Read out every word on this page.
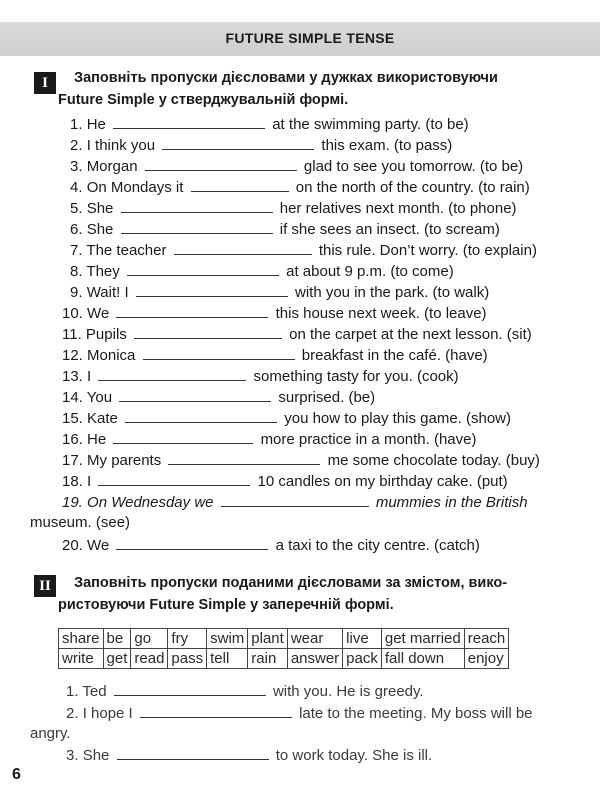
FUTURE SIMPLE TENSE
I	Заповніть пропуски дієсловами у дужках використовуючи
Future Simple у стверджувальній формі.
1. He	at the swimming party. (to be)
2. I think you	this exam. (to pass)
3. Morgan	glad to see you tomorrow. (to be)
4. On Mondays it	on the north of the country. (to rain)
5. She	her relatives next month. (to phone)
6. She	if she sees an insect. (to scream)
7. The teacher	this rule. Don’t worry. (to explain)
8. They	at about 9 p.m. (to come)
9. Wait! I	with you in the park. (to walk)
10. We	this house next week. (to leave)
11. Pupils	on the carpet at the next lesson. (sit)
12. Monica	breakfast in the café. (have)
13. I	something tasty for you. (cook)
14. You	surprised. (be)
15. Kate	you how to play this game. (show)
16. He	more practice in a month. (have)
17. My parents	me some chocolate today. (buy)
18. I	10 candles on my birthday cake. (put)
19. On Wednesday we	mummies in the British
museum. (see)
20. We	a taxi to the city centre. (catch)
II	Заповніть пропуски поданими дієсловами за змістом, вико-
ристовуючи Future Simple у заперечній формі.
share	be	go	fry	swim	plant	wear	live	get married	reach
write	get	read	pass	tell	rain	answer	pack	fall down	enjoy
1. Ted	with you. He is greedy.
2. I hope I	late to the meeting. My boss will be
angry.
3. She	to work today. She is ill.
6
